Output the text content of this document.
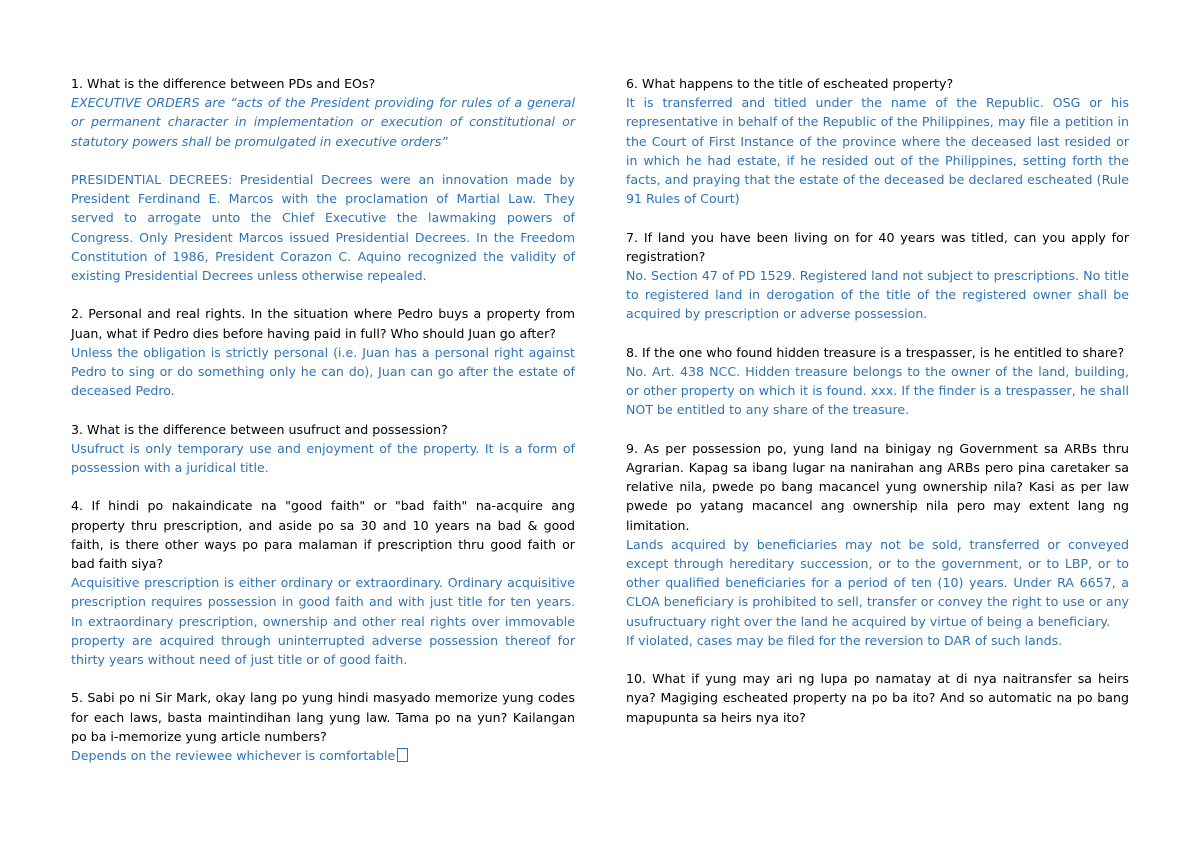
1. What is the difference between PDs and EOs?

EXECUTIVE ORDERS are “acts of the President providing for rules of a general or permanent character in implementation or execution of constitutional or statutory powers shall be promulgated in executive orders”

PRESIDENTIAL DECREES: Presidential Decrees were an innovation made by President Ferdinand E. Marcos with the proclamation of Martial Law. They served to arrogate unto the Chief Executive the lawmaking powers of Congress. Only President Marcos issued Presidential Decrees. In the Freedom Constitution of 1986, President Corazon C. Aquino recognized the validity of existing Presidential Decrees unless otherwise repealed.

2. Personal and real rights. In the situation where Pedro buys a property from Juan, what if Pedro dies before having paid in full? Who should Juan go after?

Unless the obligation is strictly personal (i.e. Juan has a personal right against Pedro to sing or do something only he can do), Juan can go after the estate of deceased Pedro.

3. What is the difference between usufruct and possession?

Usufruct is only temporary use and enjoyment of the property. It is a form of possession with a juridical title.

4. If hindi po nakaindicate na "good faith" or "bad faith" na-acquire ang property thru prescription, and aside po sa 30 and 10 years na bad & good faith, is there other ways po para malaman if prescription thru good faith or bad faith siya?

Acquisitive prescription is either ordinary or extraordinary. Ordinary acquisitive prescription requires possession in good faith and with just title for ten years. In extraordinary prescription, ownership and other real rights over immovable property are acquired through uninterrupted adverse possession thereof for thirty years without need of just title or of good faith.

5. Sabi po ni Sir Mark, okay lang po yung hindi masyado memorize yung codes for each laws, basta maintindihan lang yung law. Tama po na yun? Kailangan po ba i-memorize yung article numbers?

Depends on the reviewee whichever is comfortable

6. What happens to the title of escheated property?

It is transferred and titled under the name of the Republic. OSG or his representative in behalf of the Republic of the Philippines, may file a petition in the Court of First Instance of the province where the deceased last resided or in which he had estate, if he resided out of the Philippines, setting forth the facts, and praying that the estate of the deceased be declared escheated (Rule 91 Rules of Court)

7. If land you have been living on for 40 years was titled, can you apply for registration?

No. Section 47 of PD 1529. Registered land not subject to prescriptions. No title to registered land in derogation of the title of the registered owner shall be acquired by prescription or adverse possession.

8. If the one who found hidden treasure is a trespasser, is he entitled to share?

No. Art. 438 NCC. Hidden treasure belongs to the owner of the land, building, or other property on which it is found. xxx. If the finder is a trespasser, he shall NOT be entitled to any share of the treasure.

9. As per possession po, yung land na binigay ng Government sa ARBs thru Agrarian. Kapag sa ibang lugar na nanirahan ang ARBs pero pina caretaker sa relative nila, pwede po bang macancel yung ownership nila? Kasi as per law pwede po yatang macancel ang ownership nila pero may extent lang ng limitation.

Lands acquired by beneficiaries may not be sold, transferred or conveyed except through hereditary succession, or to the government, or to LBP, or to other qualified beneficiaries for a period of ten (10) years. Under RA 6657, a CLOA beneficiary is prohibited to sell, transfer or convey the right to use or any usufructuary right over the land he acquired by virtue of being a beneficiary.

If violated, cases may be filed for the reversion to DAR of such lands.

10. What if yung may ari ng lupa po namatay at di nya naitransfer sa heirs nya? Magiging escheated property na po ba ito? And so automatic na po bang mapupunta sa heirs nya ito?
